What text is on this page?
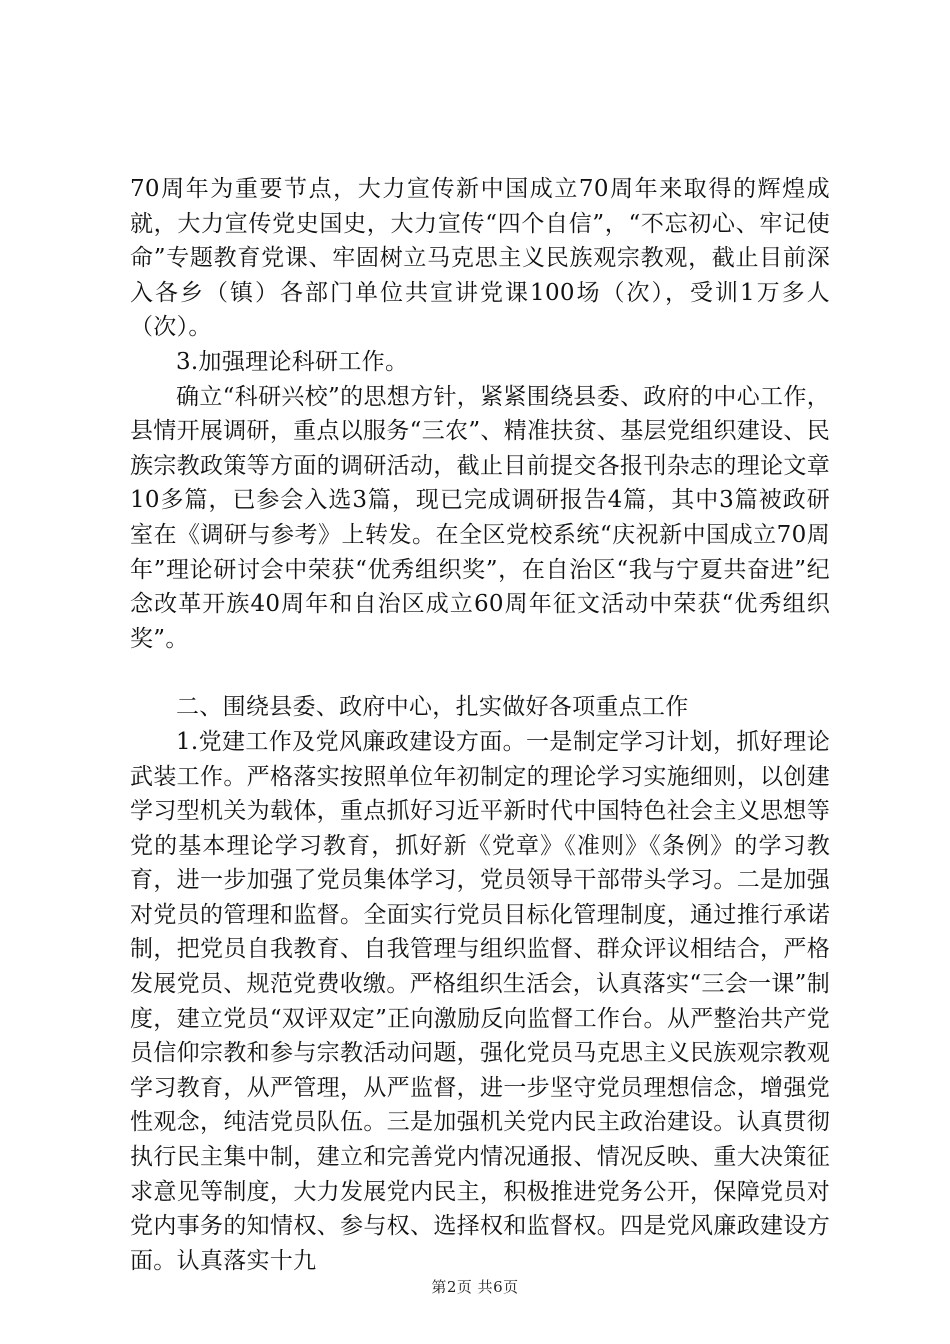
70周年为重要节点，大力宣传新中国成立70周年来取得的辉煌成就，大力宣传党史国史，大力宣传“四个自信”，“不忘初心、牢记使命”专题教育党课、牢固树立马克思主义民族观宗教观，截止目前深入各乡（镇）各部门单位共宣讲党课100场（次），受训1万多人（次）。

3.加强理论科研工作。

确立“科研兴校”的思想方针，紧紧围绕县委、政府的中心工作，县情开展调研，重点以服务“三农”、精准扶贫、基层党组织建设、民族宗教政策等方面的调研活动，截止目前提交各报刊杂志的理论文章10多篇，已参会入选3篇，现已完成调研报告4篇，其中3篇被政研室在《调研与参考》上转发。在全区党校系统“庆祝新中国成立70周年”理论研讨会中荣获“优秀组织奖”，在自治区“我与宁夏共奋进”纪念改革开族40周年和自治区成立60周年征文活动中荣获“优秀组织奖”。

二、围绕县委、政府中心，扎实做好各项重点工作

1.党建工作及党风廉政建设方面。一是制定学习计划，抓好理论武装工作。严格落实按照单位年初制定的理论学习实施细则，以创建学习型机关为载体，重点抓好习近平新时代中国特色社会主义思想等党的基本理论学习教育，抓好新《党章》《准则》《条例》的学习教育，进一步加强了党员集体学习，党员领导干部带头学习。二是加强对党员的管理和监督。全面实行党员目标化管理制度，通过推行承诺制，把党员自我教育、自我管理与组织监督、群众评议相结合，严格发展党员、规范党费收缴。严格组织生活会，认真落实“三会一课”制度，建立党员“双评双定”正向激励反向监督工作台。从严整治共产党员信仰宗教和参与宗教活动问题，强化党员马克思主义民族观宗教观学习教育，从严管理，从严监督，进一步坚守党员理想信念，增强党性观念，纯洁党员队伍。三是加强机关党内民主政治建设。认真贯彻执行民主集中制，建立和完善党内情况通报、情况反映、重大决策征求意见等制度，大力发展党内民主，积极推进党务公开，保障党员对党内事务的知情权、参与权、选择权和监督权。四是党风廉政建设方面。认真落实十九

第2页 共6页
